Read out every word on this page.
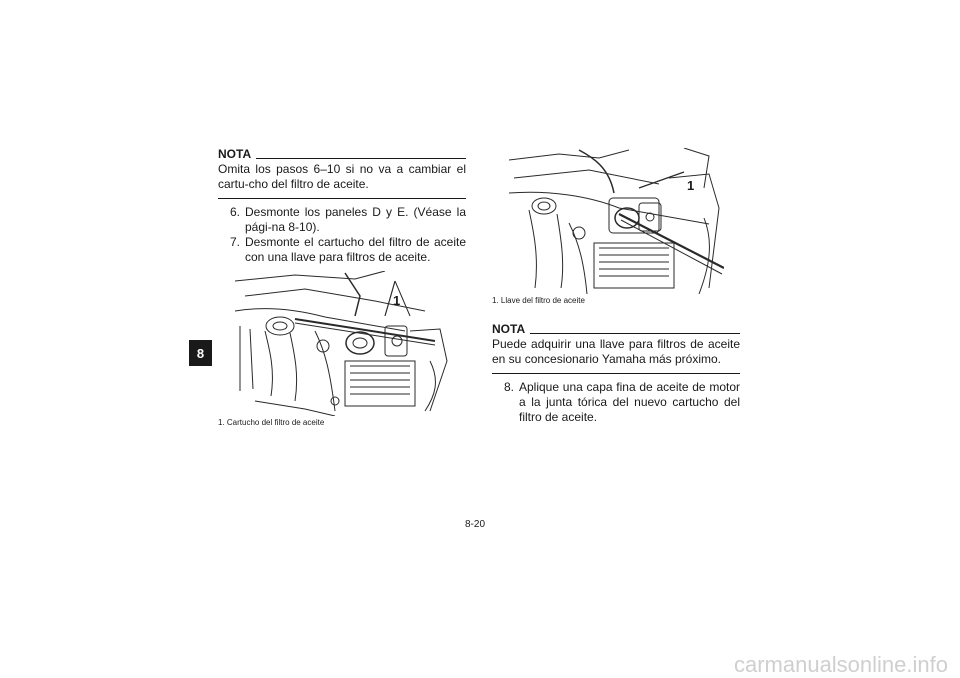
8
NOTA

Omita los pasos 6–10 si no va a cambiar el cartu-cho del filtro de aceite.

6. Desmonte los paneles D y E. (Véase la pági-na 8-10).
7. Desmonte el cartucho del filtro de aceite con una llave para filtros de aceite.
1
1. Cartucho del filtro de aceite
1
1. Llave del filtro de aceite
NOTA

Puede adquirir una llave para filtros de aceite en su concesionario Yamaha más próximo.

8. Aplique una capa fina de aceite de motor a la junta tórica del nuevo cartucho del filtro de aceite.
8-20
carmanualsonline.info
